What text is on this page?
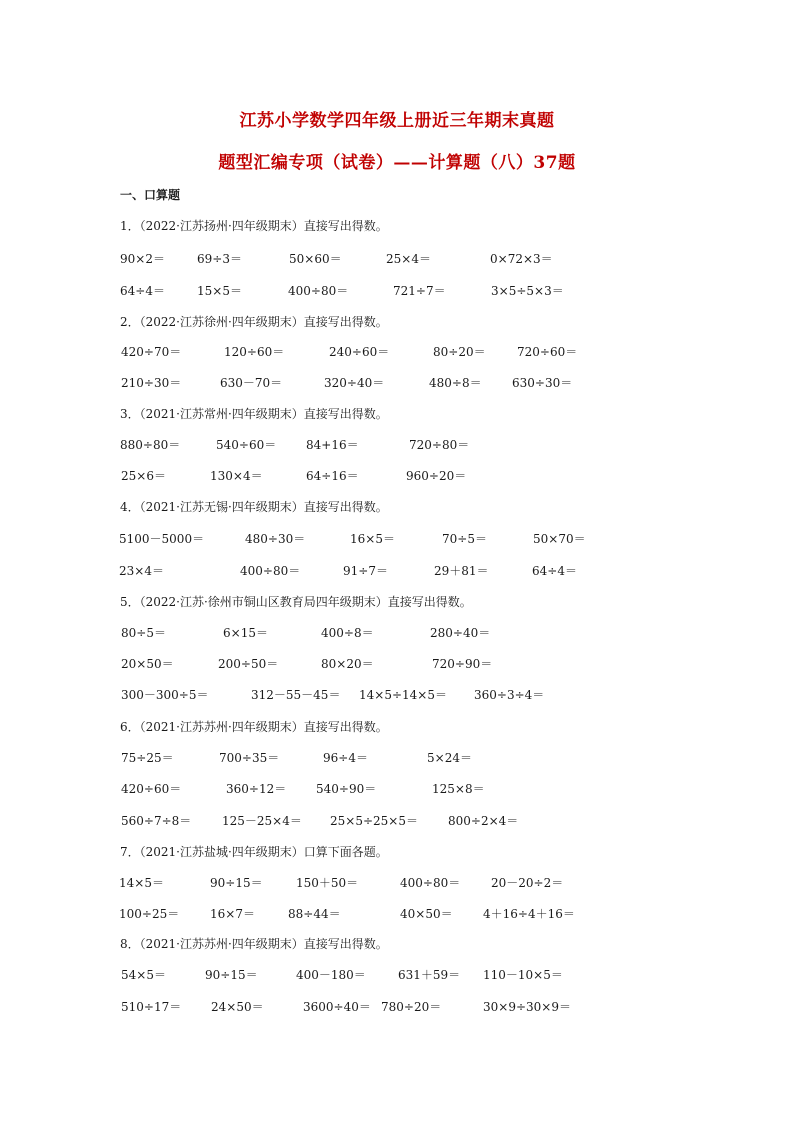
江苏小学数学四年级上册近三年期末真题
题型汇编专项（试卷）——计算题（八）37题
一、口算题
1．（2022·江苏扬州·四年级期末）直接写出得数。
90×2＝	69÷3＝	50×60＝	25×4＝	0×72×3＝
64÷4＝	15×5＝	400÷80＝	721÷7＝	3×5÷5×3＝
2．（2022·江苏徐州·四年级期末）直接写出得数。
420÷70＝	120÷60＝	240÷60＝	80÷20＝	720÷60＝
210÷30＝	630－70＝	320÷40＝	480÷8＝	630÷30＝
3．（2021·江苏常州·四年级期末）直接写出得数。
880÷80＝	540÷60＝ 84+16＝	720÷80＝
25×6＝	130×4＝	64÷16＝	960÷20＝
4．（2021·江苏无锡·四年级期末）直接写出得数。
5100－5000＝	480÷30＝	16×5＝	70÷5＝	50×70＝
23×4＝	400÷80＝	91÷7＝	29＋81＝	64÷4＝
5．（2022·江苏·徐州市铜山区教育局四年级期末）直接写出得数。
80÷5＝	6×15＝	400÷8＝	280÷40＝
20×50＝	200÷50＝	80×20＝	720÷90＝
300－300÷5＝	312－55－45＝ 14×5÷14×5＝ 360÷3÷4＝
6．（2021·江苏苏州·四年级期末）直接写出得数。
75÷25＝	700÷35＝	96÷4＝	5×24＝
420÷60＝	360÷12＝ 540÷90＝	125×8＝
560÷7÷8＝	125－25×4＝ 25×5÷25×5＝	800÷2×4＝
7．（2021·江苏盐城·四年级期末）口算下面各题。
14×5＝	90÷15＝	150＋50＝	400÷80＝	20－20÷2＝
100÷25＝	16×7＝	88÷44＝	40×50＝	4＋16÷4＋16＝
8．（2021·江苏苏州·四年级期末）直接写出得数。
54×5＝	90÷15＝	400－180＝	631＋59＝ 110－10×5＝
510÷17＝ 24×50＝	3600÷40＝ 780÷20＝	30×9÷30×9＝
